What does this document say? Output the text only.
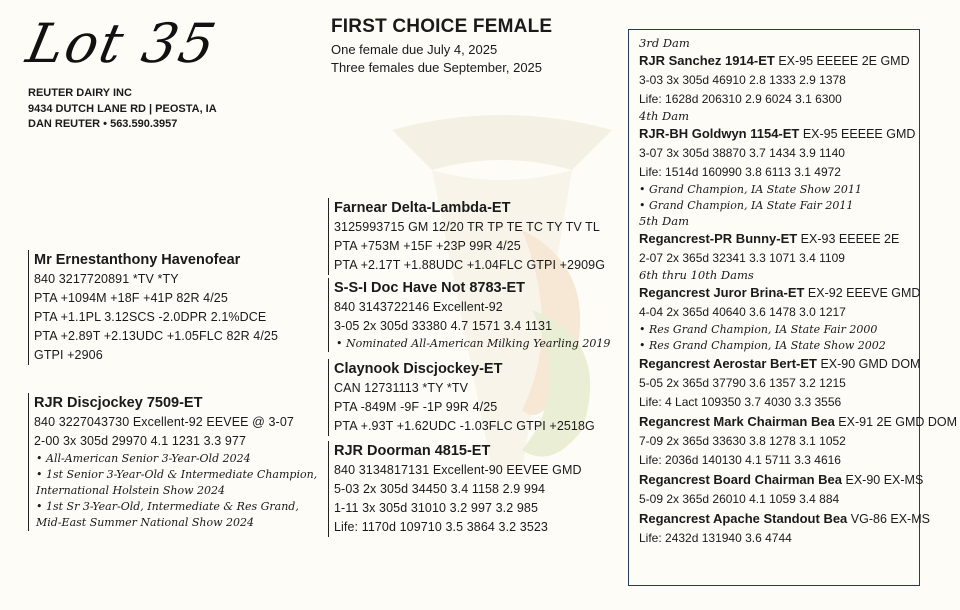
Lot 35
REUTER DAIRY INC
9434 DUTCH LANE RD | PEOSTA, IA
DAN REUTER • 563.590.3957
FIRST CHOICE FEMALE
One female due July 4, 2025
Three females due September, 2025
Mr Ernestanthony Havenofear
840 3217720891 *TV *TY
PTA +1094M +18F +41P 82R 4/25
PTA +1.1PL 3.12SCS -2.0DPR 2.1%DCE
PTA +2.89T +2.13UDC +1.05FLC 82R 4/25
GTPI +2906
RJR Discjockey 7509-ET
840 3227043730 Excellent-92 EEVEE @ 3-07
2-00 3x 305d 29970 4.1 1231 3.3 977
• All-American Senior 3-Year-Old 2024
• 1st Senior 3-Year-Old & Intermediate Champion, International Holstein Show 2024
• 1st Sr 3-Year-Old, Intermediate & Res Grand, Mid-East Summer National Show 2024
Farnear Delta-Lambda-ET
3125993715 GM 12/20 TR TP TE TC TY TV TL
PTA +753M +15F +23P 99R 4/25
PTA +2.17T +1.88UDC +1.04FLC GTPI +2909G
S-S-I Doc Have Not 8783-ET
840 3143722146 Excellent-92
3-05 2x 305d 33380 4.7 1571 3.4 1131
• Nominated All-American Milking Yearling 2019
Claynook Discjockey-ET
CAN 12731113 *TY *TV
PTA -849M -9F -1P 99R 4/25
PTA +.93T +1.62UDC -1.03FLC GTPI +2518G
RJR Doorman 4815-ET
840 3134817131 Excellent-90 EEVEE GMD
5-03 2x 305d 34450 3.4 1158 2.9 994
1-11 3x 305d 31010 3.2 997 3.2 985
Life: 1170d 109710 3.5 3864 3.2 3523
3rd Dam
RJR Sanchez 1914-ET EX-95 EEEEE 2E GMD
3-03 3x 305d 46910 2.8 1333 2.9 1378
Life: 1628d 206310 2.9 6024 3.1 6300
4th Dam
RJR-BH Goldwyn 1154-ET EX-95 EEEEE GMD
3-07 3x 305d 38870 3.7 1434 3.9 1140
Life: 1514d 160990 3.8 6113 3.1 4972
• Grand Champion, IA State Show 2011
• Grand Champion, IA State Fair 2011
5th Dam
Regancrest-PR Bunny-ET EX-93 EEEEE 2E
2-07 2x 365d 32341 3.3 1071 3.4 1109
6th thru 10th Dams
Regancrest Juror Brina-ET EX-92 EEEVE GMD
4-04 2x 365d 40640 3.6 1478 3.0 1217
• Res Grand Champion, IA State Fair 2000
• Res Grand Champion, IA State Show 2002
Regancrest Aerostar Bert-ET EX-90 GMD DOM
5-05 2x 365d 37790 3.6 1357 3.2 1215
Life: 4 Lact 109350 3.7 4030 3.3 3556
Regancrest Mark Chairman Bea EX-91 2E GMD DOM
7-09 2x 365d 33630 3.8 1278 3.1 1052
Life: 2036d 140130 4.1 5711 3.3 4616
Regancrest Board Chairman Bea EX-90 EX-MS
5-09 2x 365d 26010 4.1 1059 3.4 884
Regancrest Apache Standout Bea VG-86 EX-MS
Life: 2432d 131940 3.6 4744
